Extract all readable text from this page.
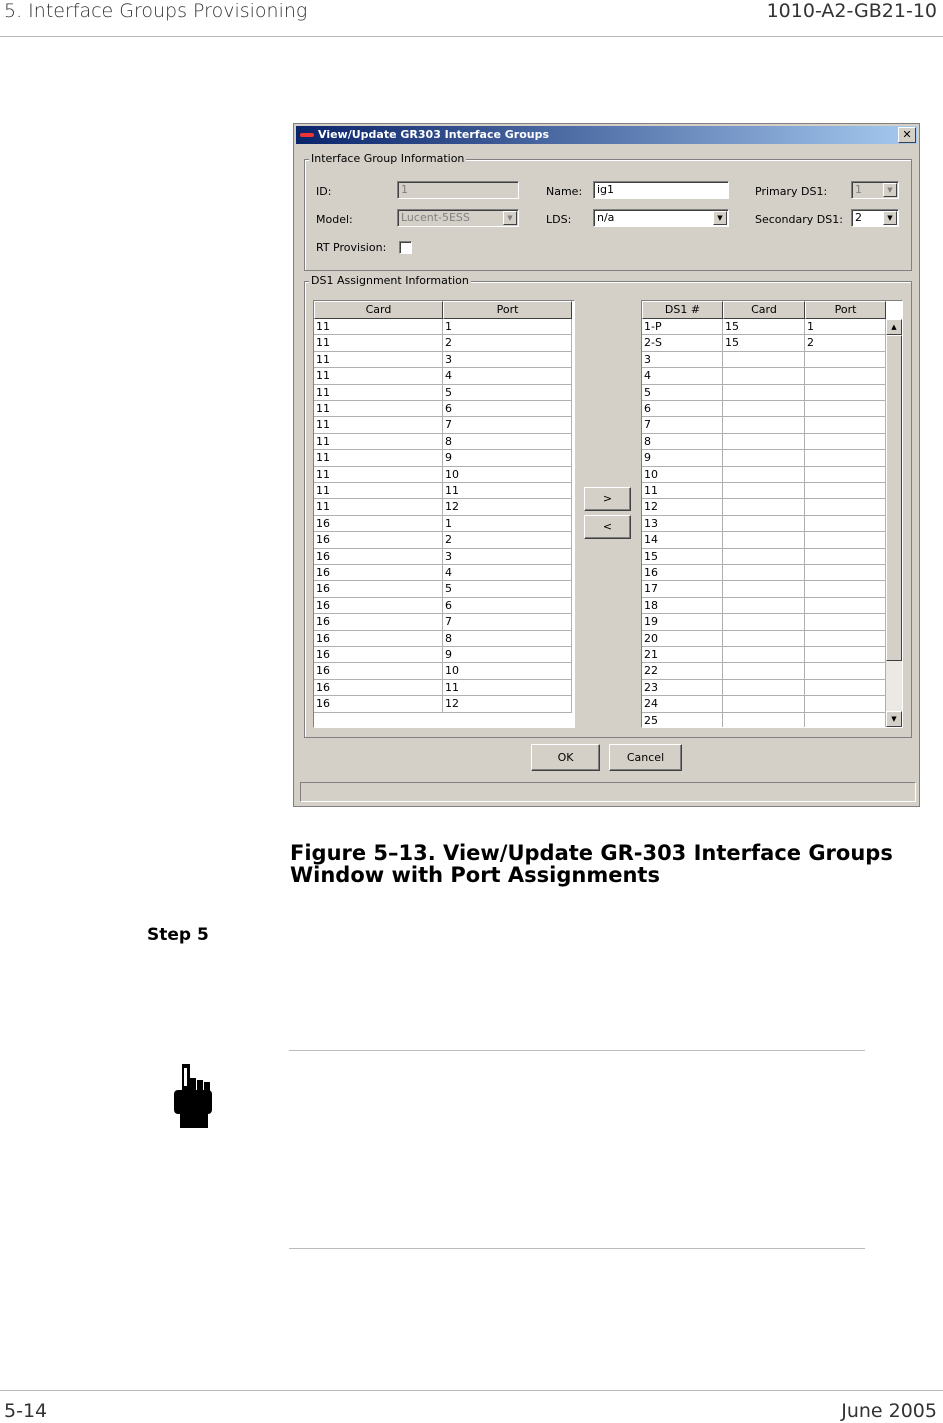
5. Interface Groups Provisioning	1010-A2-GB21-10
View/Update GR303 Interface Groups	✕
Interface Group Information
ID:	1	Name:	ig1	Primary DS1:	1	▼
Model:	Lucent-5ESS	▼	LDS:	n/a	▼	Secondary DS1:	2	▼
RT Provision:
DS1 Assignment Information
Card	Port
11	1
11	2
11	3
11	4
11	5
11	6
11	7
11	8
11	9
11	10
11	11
11	12
16	1
16	2
16	3
16	4
16	5
16	6
16	7
16	8
16	9
16	10
16	11
16	12
>
<
DS1 #	Card	Port
1-P	15	1
2-S	15	2
3
4
5
6
7
8
9
10
11
12
13
14
15
16
17
18
19
20
21
22
23
24
25
▲
▼
OK	Cancel
Figure 5–13. View/Update GR-303 Interface Groups
Window with Port Assignments
Step 5
5-14	June 2005
